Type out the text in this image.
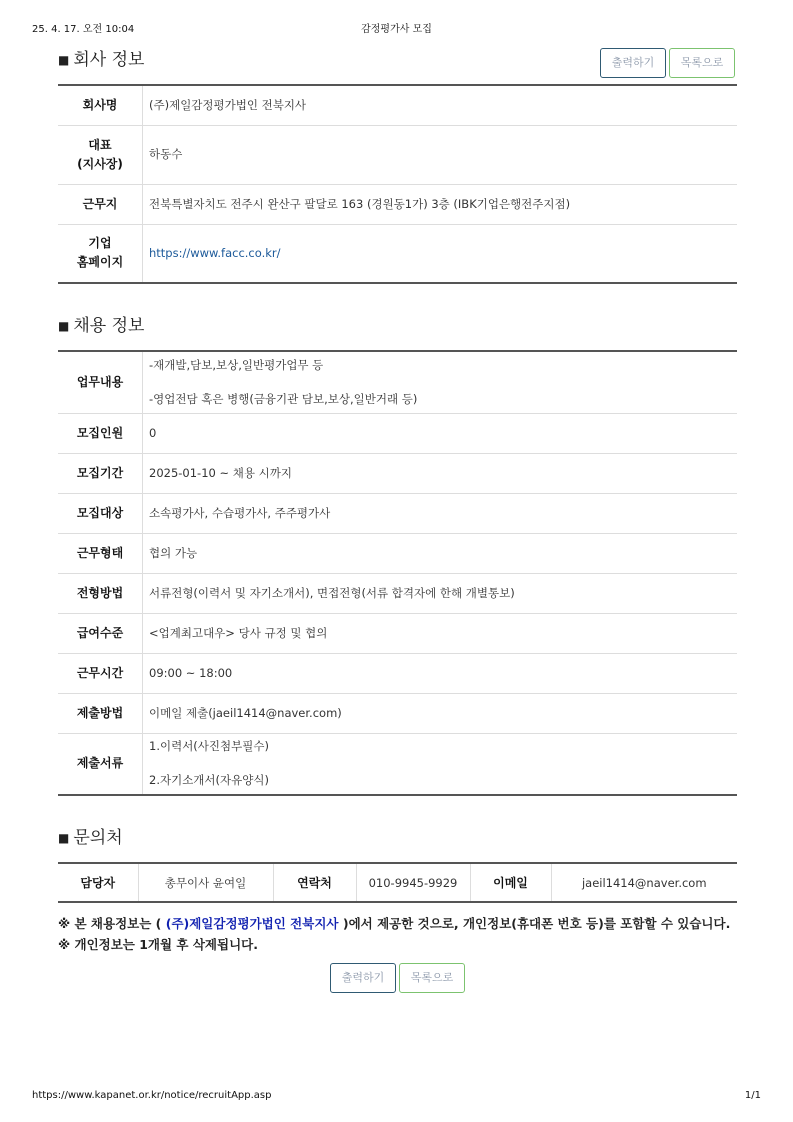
25. 4. 17. 오전 10:04	감정평가사 모집
■ 회사 정보	출력하기	목록으로
회사명	(주)제일감정평가법인 전북지사

대표
(지사장)	하동수
근무지	전북특별자치도 전주시 완산구 팔달로 163 (경원동1가) 3층 (IBK기업은행전주지점)

기업
홈페이지	https://www.facc.co.kr/
■ 채용 정보
업무내용	-재개발,담보,보상,일반평가업무 등
-영업전담 혹은 병행(금융기관 담보,보상,일반거래 등)

모집인원	0
모집기간	2025-01-10 ~ 채용 시까지
모집대상	소속평가사, 수습평가사, 주주평가사
근무형태	협의 가능
전형방법	서류전형(이력서 및 자기소개서), 면접전형(서류 합격자에 한해 개별통보)
급여수준	<업계최고대우> 당사 규정 및 협의
근무시간	09:00 ~ 18:00
제출방법	이메일 제출(jaeil1414@naver.com)
제출서류	1.이력서(사진첨부필수)
2.자기소개서(자유양식)
■ 문의처
담당자	총무이사 윤여일	연락처	010-9945-9929	이메일	jaeil1414@naver.com
※ 본 채용정보는 ( (주)제일감정평가법인 전북지사 )에서 제공한 것으로, 개인정보(휴대폰 번호 등)를 포함할 수 있습니다.
※ 개인정보는 1개월 후 삭제됩니다.
출력하기	목록으로
https://www.kapanet.or.kr/notice/recruitApp.asp	1/1
